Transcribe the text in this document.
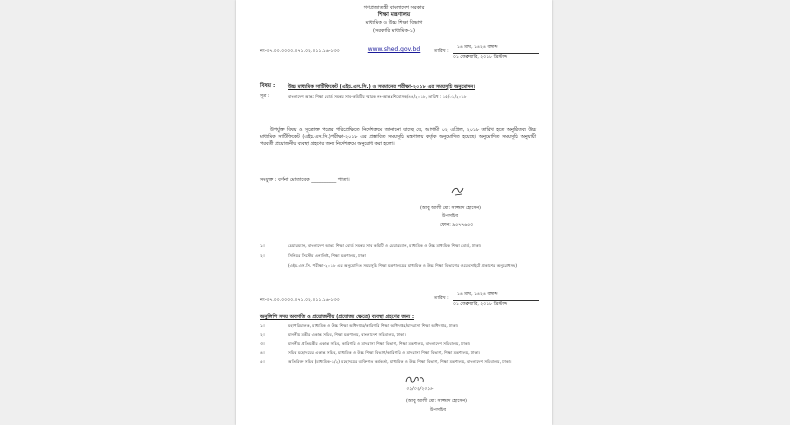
গণপ্রজাতন্ত্রী বাংলাদেশ সরকার
শিক্ষা মন্ত্রণালয়
মাধ্যমিক ও উচ্চ শিক্ষা বিভাগ
(সরকারি মাধ্যমিক-১)
www.shed.gov.bd
নং-৩৭.০০.০০০০.০৭১.০২.০১১.১৬-১৩৩	তারিখ :
১৪ মাঘ, ১৪২৪ বঙ্গাব্দ
০১ ফেব্রুয়ারি, ২০১৮ খ্রিস্টাব্দ
বিষয় :	উচ্চ মাধ্যমিক সার্টিফিকেট (এইচ.এস.সি.) ও সমমানের পরীক্ষা-২০১৮ এর সময়সূচি অনুমোদন।
সূত্র :	বাংলাদেশ আন্ত: শিক্ষা বোর্ড সমন্বয় সাব-কমিটির স্মারক নং-আন্তঃশিবোসক/৪৪/২০১৮, তারিখ : ১৫/০১/২০১৮
উপর্যুক্ত বিষয় ও সূত্রোক্ত পত্রের পরিপ্রেক্ষিতে নির্দেশক্রমে জানানো যাচ্ছে যে, আগামী ০২ এপ্রিল, ২০১৮ তারিখ হতে অনুষ্ঠিতব্য উচ্চ মাধ্যমিক সার্টিফিকেট (এইচ.এস.সি.)পরীক্ষা-২০১৮ এর প্রস্তাবিত সময়সূচি মন্ত্রণালয় কর্তৃক অনুমোদিত হয়েছে। অনুমোদিত সময়সূচি অনুযায়ী পরবর্তী প্রয়োজনীয় ব্যবস্থা গ্রহণের জন্য নির্দেশক্রমে অনুরোধ করা হলো।
সংযুক্ত : বর্ণনা মোতাবেক __________ পাতা।
(আবু আলী মো: সাজ্জাদ হোসেন)
উপসচিব
ফোন: ৯৫৭৭৬৫০
১।	চেয়ারম্যান, বাংলাদেশ আন্ত: শিক্ষা বোর্ড সমন্বয় সাব কমিটি ও চেয়ারম্যান, মাধ্যমিক ও উচ্চ মাধ্যমিক শিক্ষা বোর্ড, ঢাকা।
২।	সিনিয়র সিস্টেম এনালিষ্ট, শিক্ষা মন্ত্রণালয়, ঢাকা
(এইচ.এস.সি. পরীক্ষা-২০১৮ এর অনুমোদিত সময়সূচি শিক্ষা মন্ত্রণালয়ের মাধ্যমিক ও উচ্চ শিক্ষা বিভাগের ওয়েবসাইটে প্রকাশের অনুরোধসহ)
নং-৩৭.০০.০০০০.০৭১.০২.০১১.১৬-১৩৩	তারিখ :
১৪ মাঘ, ১৪২৪ বঙ্গাব্দ
০১ ফেব্রুয়ারি, ২০১৮ খ্রিস্টাব্দ
অনুলিপি সদয় অবগতি ও প্রয়োজনীয় (প্রযোজ্য ক্ষেত্রে) ব্যবস্থা গ্রহণের জন্য :
১।	মহাপরিচালক, মাধ্যমিক ও উচ্চ শিক্ষা অধিদপ্তর/কারিগরি শিক্ষা অধিদপ্তর/মাদরাসা শিক্ষা অধিদপ্তর, ঢাকা।
২।	মাননীয় মন্ত্রীর একান্ত সচিব, শিক্ষা মন্ত্রণালয়, বাংলাদেশ সচিবালয়, ঢাকা।
৩।	মাননীয় প্রতিমন্ত্রীর একান্ত সচিব, কারিগরি ও মাদরাসা শিক্ষা বিভাগ, শিক্ষা মন্ত্রণালয়, বাংলাদেশ সচিবালয়, ঢাকা।
৪।	সচিব মহোদয়ের একান্ত সচিব, মাধ্যমিক ও উচ্চ শিক্ষা বিভাগ/কারিগরি ও মাদরাসা শিক্ষা বিভাগ, শিক্ষা মন্ত্রণালয়, ঢাকা।
৫।	অতিরিক্ত সচিব (মাধ্যমিক-১/২) মহোদয়ের ব্যক্তিগত কর্মকর্তা, মাধ্যমিক ও উচ্চ শিক্ষা বিভাগ, শিক্ষা মন্ত্রণালয়, বাংলাদেশ সচিবালয়, ঢাকা।
০১/০২/২০১৮
(আবু আলী মো: সাজ্জাদ হোসেন)
উপসচিব
